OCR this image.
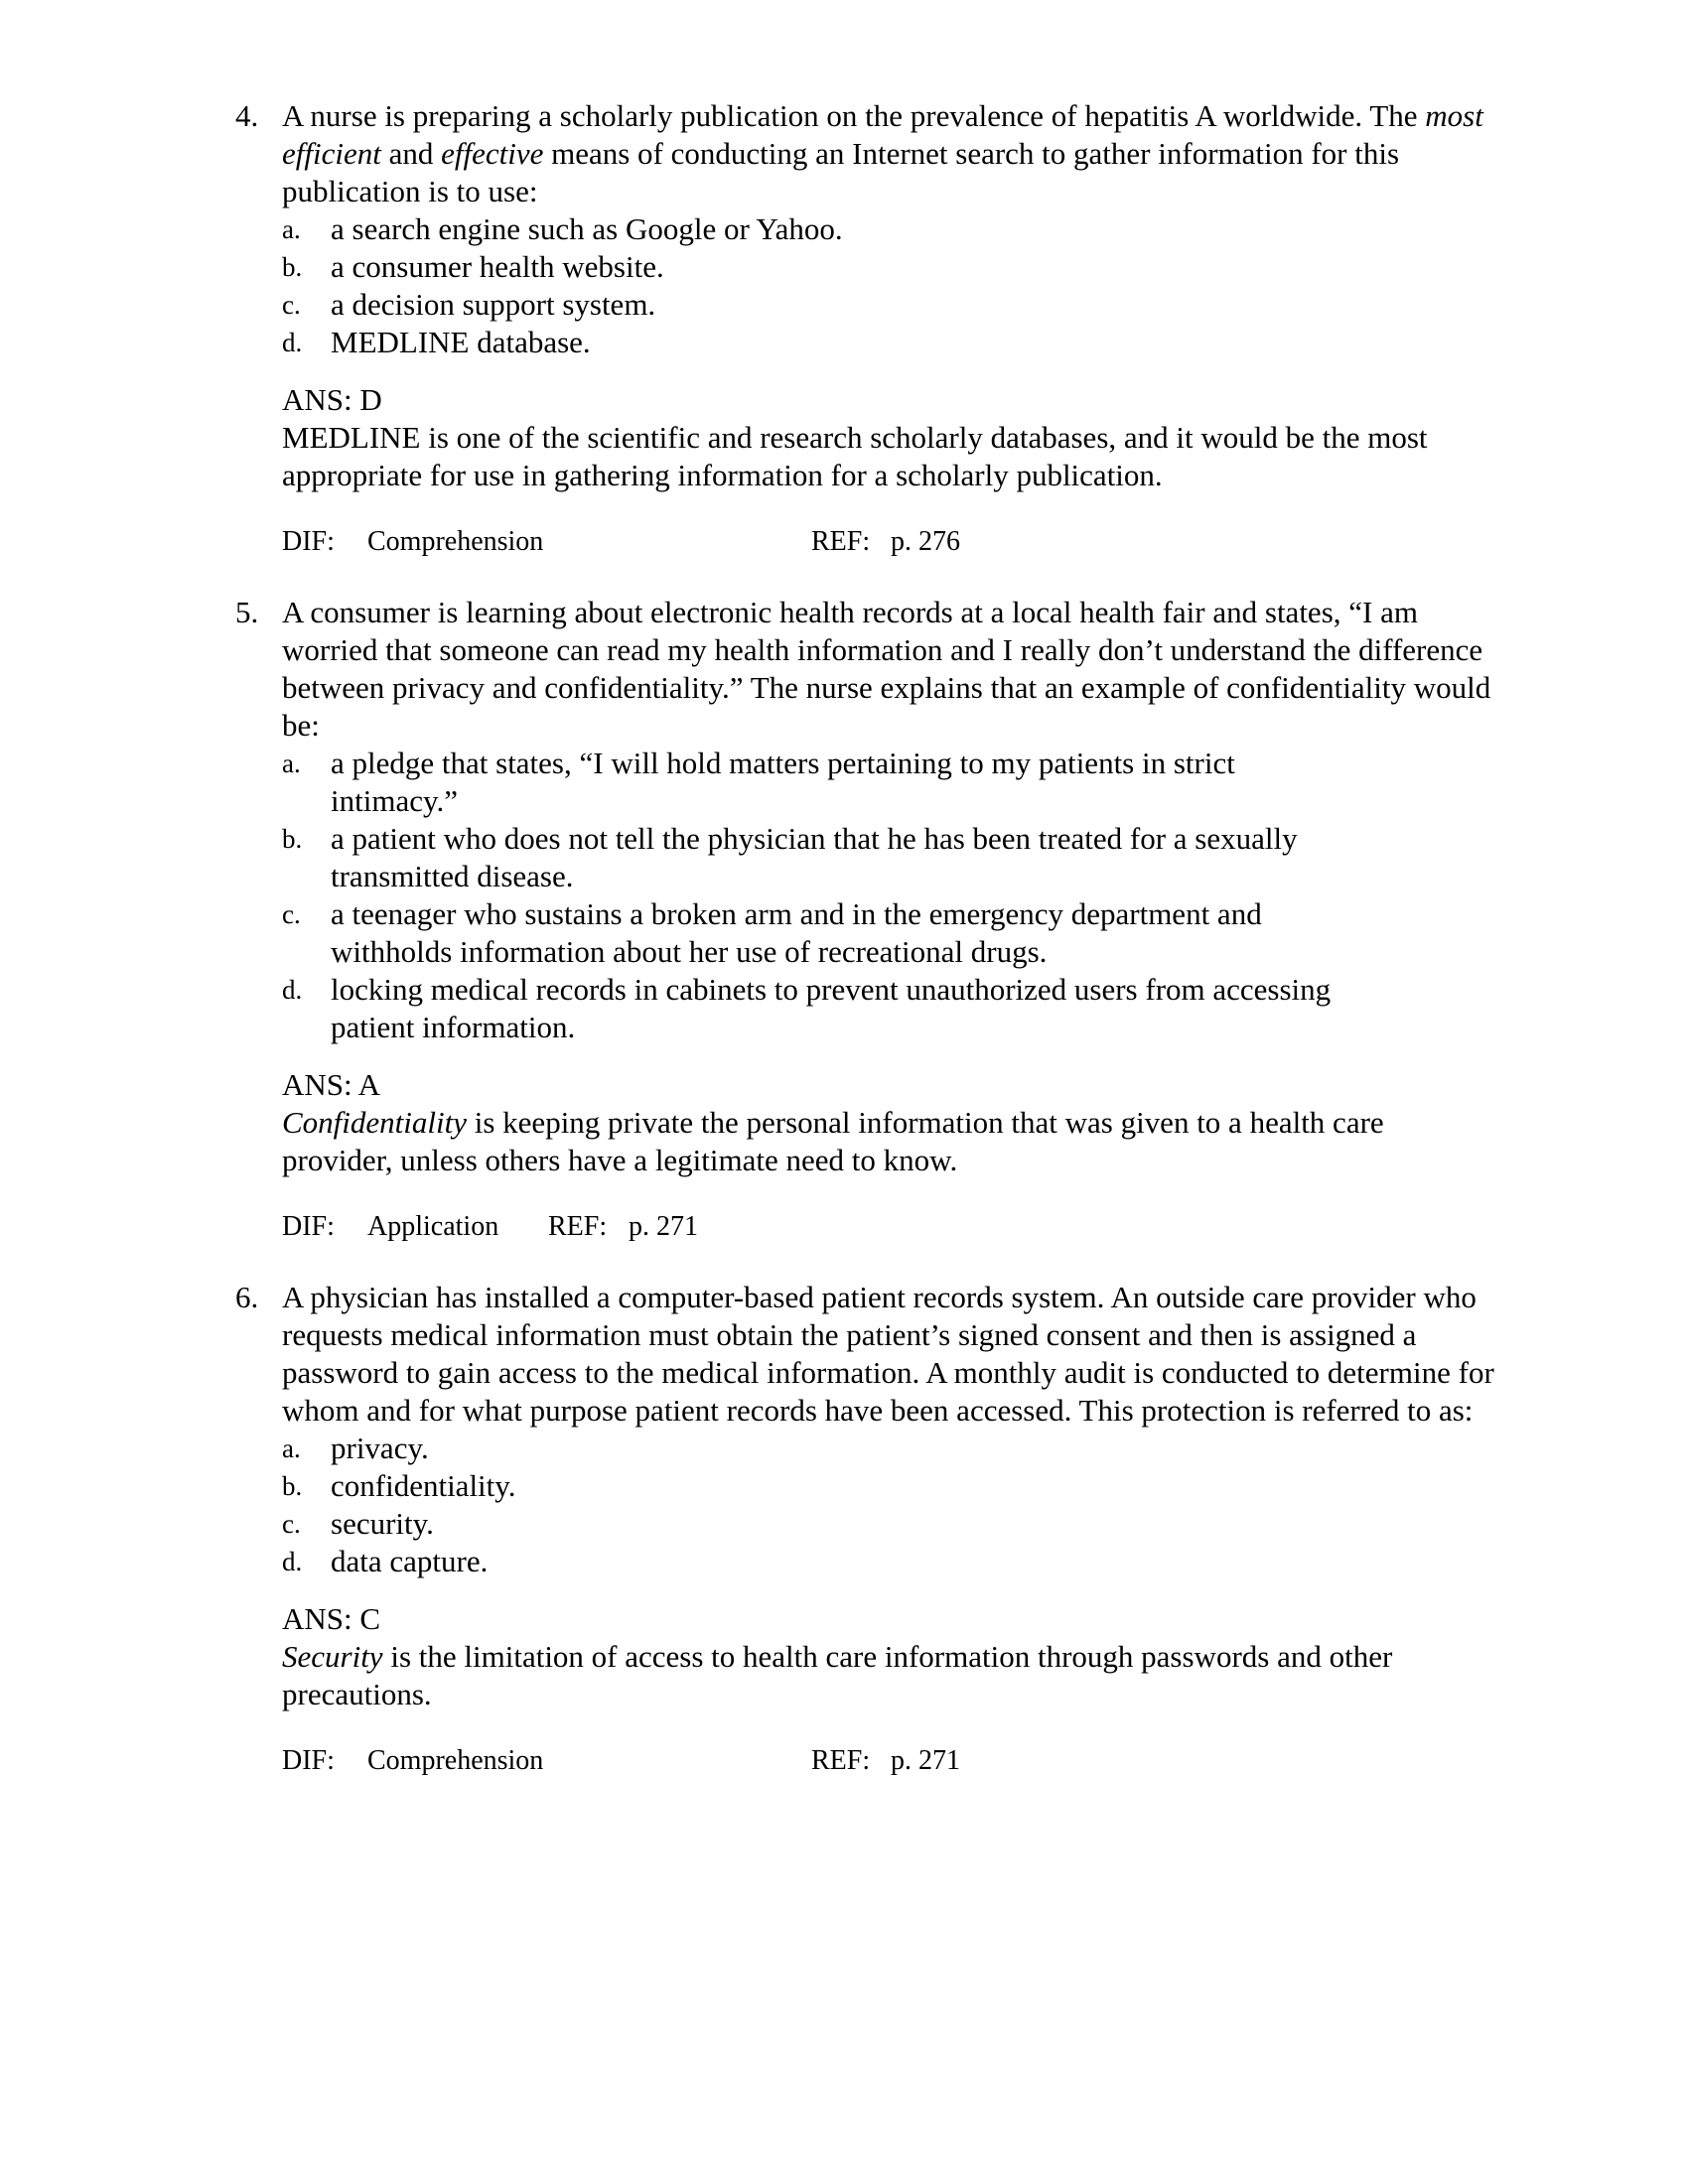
4. A nurse is preparing a scholarly publication on the prevalence of hepatitis A worldwide. The most efficient and effective means of conducting an Internet search to gather information for this publication is to use:
a. a search engine such as Google or Yahoo.
b. a consumer health website.
c. a decision support system.
d. MEDLINE database.
ANS: D
MEDLINE is one of the scientific and research scholarly databases, and it would be the most appropriate for use in gathering information for a scholarly publication.
DIF: Comprehension	REF: p. 276
5. A consumer is learning about electronic health records at a local health fair and states, “I am worried that someone can read my health information and I really don’t understand the difference between privacy and confidentiality.” The nurse explains that an example of confidentiality would be:
a. a pledge that states, “I will hold matters pertaining to my patients in strict intimacy.”
b. a patient who does not tell the physician that he has been treated for a sexually transmitted disease.
c. a teenager who sustains a broken arm and in the emergency department and withholds information about her use of recreational drugs.
d. locking medical records in cabinets to prevent unauthorized users from accessing patient information.
ANS: A
Confidentiality is keeping private the personal information that was given to a health care provider, unless others have a legitimate need to know.
DIF: Application REF: p. 271
6. A physician has installed a computer-based patient records system. An outside care provider who requests medical information must obtain the patient’s signed consent and then is assigned a password to gain access to the medical information. A monthly audit is conducted to determine for whom and for what purpose patient records have been accessed. This protection is referred to as:
a. privacy.
b. confidentiality.
c. security.
d. data capture.
ANS: C
Security is the limitation of access to health care information through passwords and other precautions.
DIF: Comprehension	REF: p. 271
